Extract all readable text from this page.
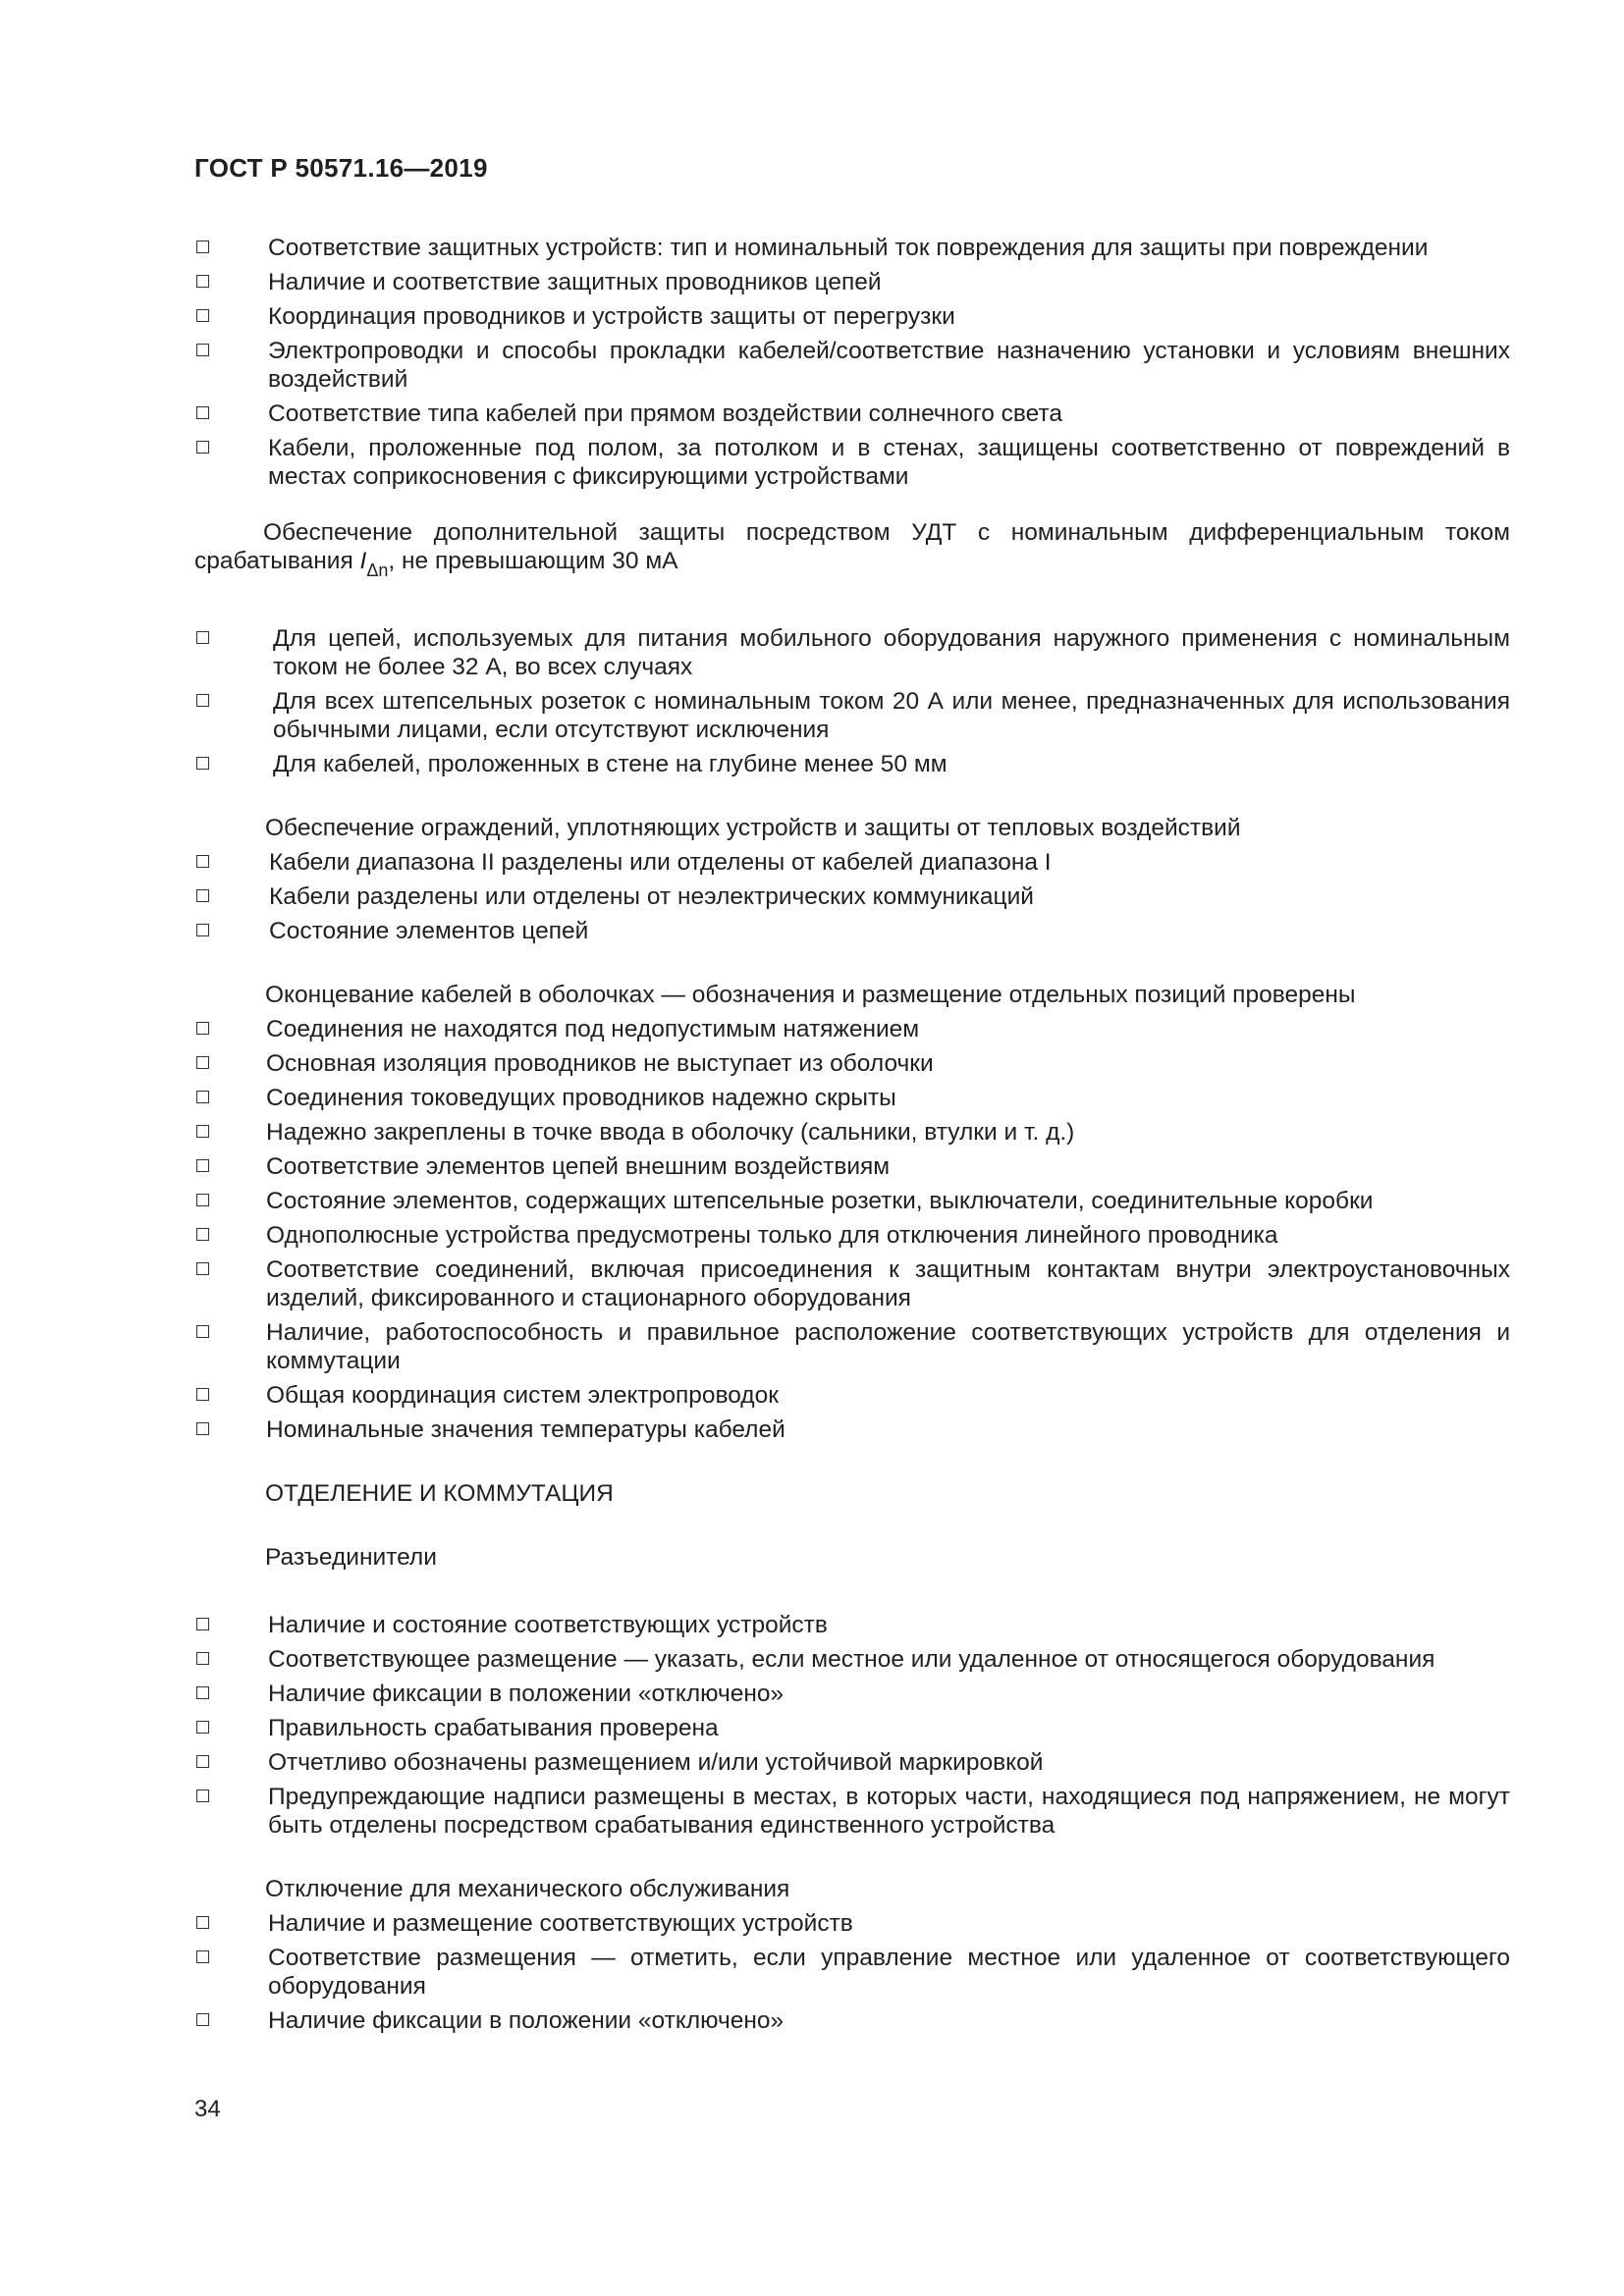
ГОСТ Р 50571.16—2019
Соответствие защитных устройств: тип и номинальный ток повреждения для защиты при повреждении
Наличие и соответствие защитных проводников цепей
Координация проводников и устройств защиты от перегрузки
Электропроводки и способы прокладки кабелей/соответствие назначению установки и условиям внешних воздействий
Соответствие типа кабелей при прямом воздействии солнечного света
Кабели, проложенные под полом, за потолком и в стенах, защищены соответственно от повреждений в местах соприкосновения с фиксирующими устройствами

Обеспечение дополнительной защиты посредством УДТ с номинальным дифференциальным током срабатывания $I_{\Delta n}$, не превышающим 30 мА

Для цепей, используемых для питания мобильного оборудования наружного применения с номинальным током не более 32 А, во всех случаях
Для всех штепсельных розеток с номинальным током 20 А или менее, предназначенных для использования обычными лицами, если отсутствуют исключения
Для кабелей, проложенных в стене на глубине менее 50 мм
Обеспечение ограждений, уплотняющих устройств и защиты от тепловых воздействий
Кабели диапазона II разделены или отделены от кабелей диапазона I
Кабели разделены или отделены от неэлектрических коммуникаций
Состояние элементов цепей
Оконцевание кабелей в оболочках — обозначения и размещение отдельных позиций проверены
Соединения не находятся под недопустимым натяжением
Основная изоляция проводников не выступает из оболочки
Соединения токоведущих проводников надежно скрыты
Надежно закреплены в точке ввода в оболочку (сальники, втулки и т. д.)
Соответствие элементов цепей внешним воздействиям
Состояние элементов, содержащих штепсельные розетки, выключатели, соединительные коробки
Однополюсные устройства предусмотрены только для отключения линейного проводника
Соответствие соединений, включая присоединения к защитным контактам внутри электроустановочных изделий, фиксированного и стационарного оборудования
Наличие, работоспособность и правильное расположение соответствующих устройств для отделения и коммутации
Общая координация систем электропроводок
Номинальные значения температуры кабелей
ОТДЕЛЕНИЕ И КОММУТАЦИЯ
Разъединители
Наличие и состояние соответствующих устройств
Соответствующее размещение — указать, если местное или удаленное от относящегося оборудования
Наличие фиксации в положении «отключено»
Правильность срабатывания проверена
Отчетливо обозначены размещением и/или устойчивой маркировкой
Предупреждающие надписи размещены в местах, в которых части, находящиеся под напряжением, не могут быть отделены посредством срабатывания единственного устройства
Отключение для механического обслуживания
Наличие и размещение соответствующих устройств
Соответствие размещения — отметить, если управление местное или удаленное от соответствующего оборудования
Наличие фиксации в положении «отключено»
34
